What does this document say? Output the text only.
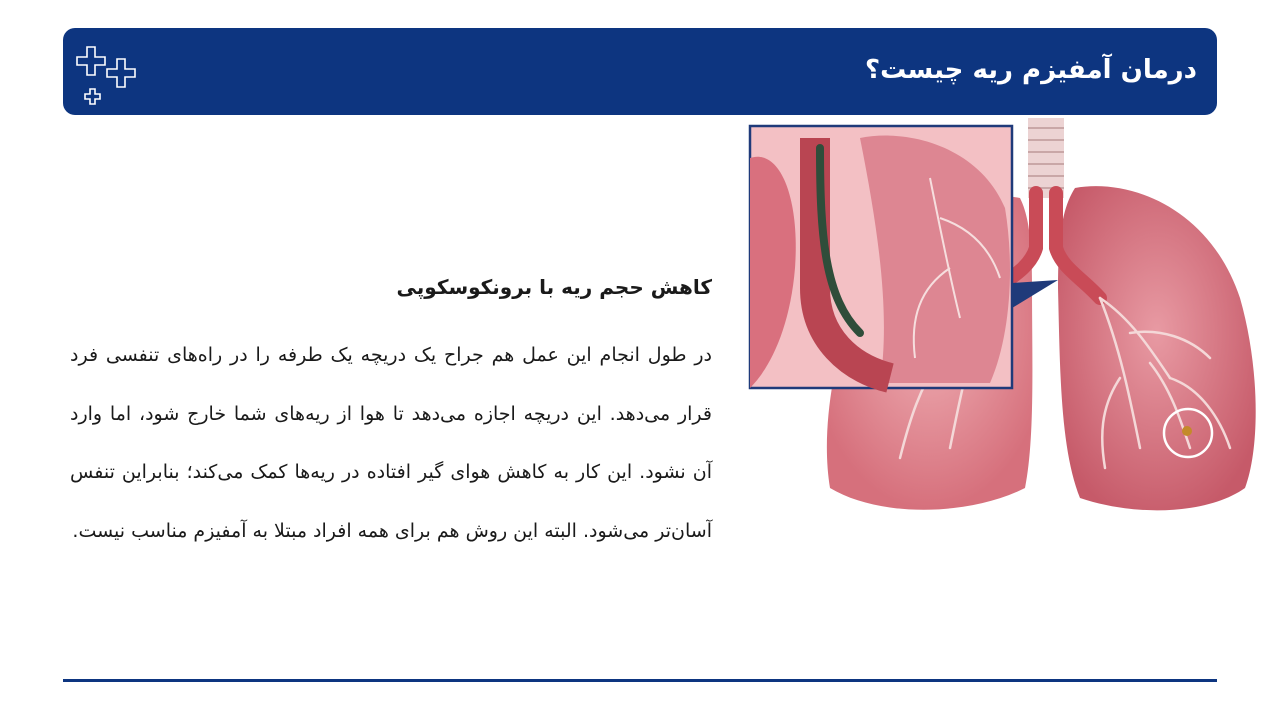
درمان آمفیزم ریه چیست؟

کاهش حجم ریه با برونکوسکوپی

در طول انجام این عمل هم جراح یک دریچه یک طرفه را در راه‌های تنفسی فرد قرار می‌دهد. این دریچه اجازه می‌دهد تا هوا از ریه‌های شما خارج شود، اما وارد آن نشود. این کار به کاهش هوای گیر افتاده در ریه‌ها کمک می‌کند؛ بنابراین تنفس آسان‌تر می‌شود. البته این روش هم برای همه افراد مبتلا به آمفیزم مناسب نیست.
